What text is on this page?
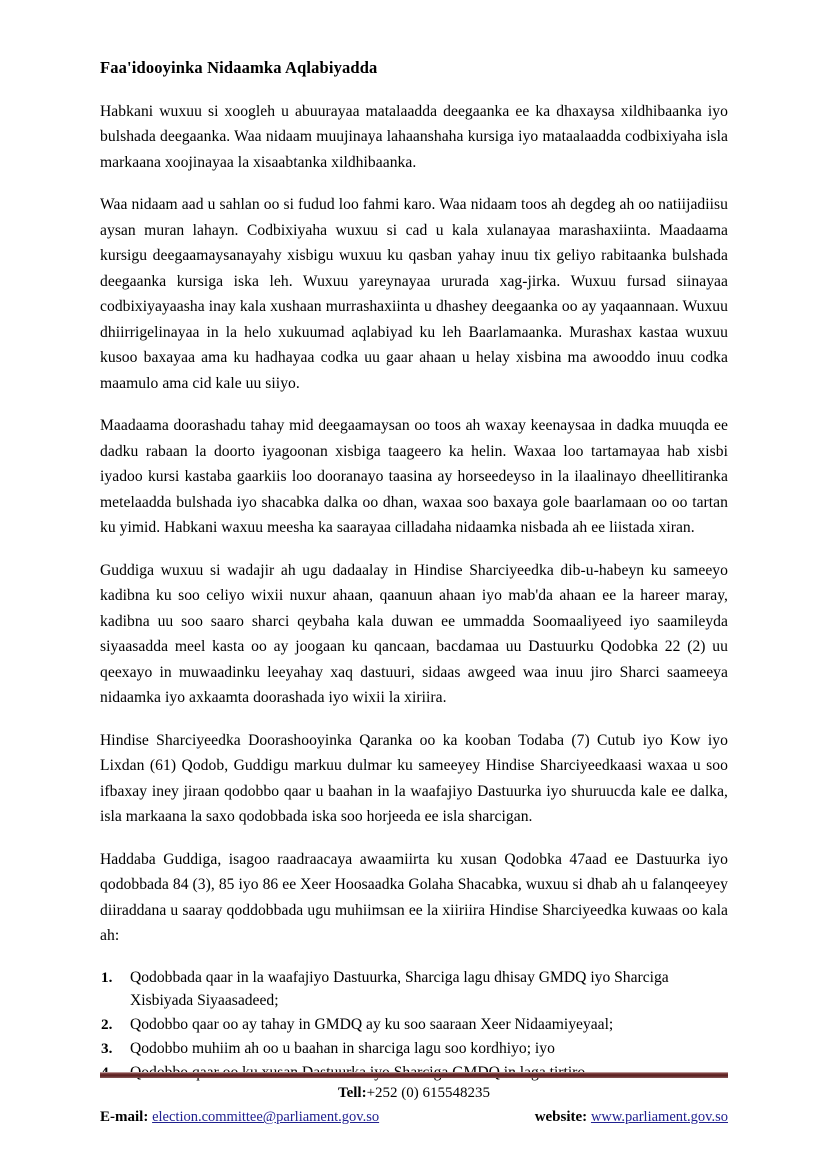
Faa'idooyinka Nidaamka Aqlabiyadda

Habkani wuxuu si xoogleh u abuurayaa matalaadda deegaanka ee ka dhaxaysa xildhibaanka iyo bulshada deegaanka. Waa nidaam muujinaya lahaanshaha kursiga iyo mataalaadda codbixiyaha isla markaana xoojinayaa la xisaabtanka xildhibaanka.

Waa nidaam aad u sahlan oo si fudud loo fahmi karo. Waa nidaam toos ah degdeg ah oo natiijadiisu aysan muran lahayn. Codbixiyaha wuxuu si cad u kala xulanayaa marashaxiinta. Maadaama kursigu deegaamaysanayahy xisbigu wuxuu ku qasban yahay inuu tix geliyo rabitaanka bulshada deegaanka kursiga iska leh. Wuxuu yareynayaa ururada xag-jirka. Wuxuu fursad siinayaa codbixiyayaasha inay kala xushaan murrashaxiinta u dhashey deegaanka oo ay yaqaannaan. Wuxuu dhiirrigelinayaa in la helo xukuumad aqlabiyad ku leh Baarlamaanka. Murashax kastaa wuxuu kusoo baxayaa ama ku hadhayaa codka uu gaar ahaan u helay xisbina ma awooddo inuu codka maamulo ama cid kale uu siiyo.

Maadaama doorashadu tahay mid deegaamaysan oo toos ah waxay keenaysaa in dadka muuqda ee dadku rabaan la doorto iyagoonan xisbiga taageero ka helin. Waxaa loo tartamayaa hab xisbi iyadoo kursi kastaba gaarkiis loo dooranayo taasina ay horseedeyso in la ilaalinayo dheellitiranka metelaadda bulshada iyo shacabka dalka oo dhan, waxaa soo baxaya gole baarlamaan oo oo tartan ku yimid. Habkani waxuu meesha ka saarayaa cilladaha nidaamka nisbada ah ee liistada xiran.

Guddiga wuxuu si wadajir ah ugu dadaalay in Hindise Sharciyeedka dib-u-habeyn ku sameeyo kadibna ku soo celiyo wixii nuxur ahaan, qaanuun ahaan iyo mab'da ahaan ee la hareer maray, kadibna uu soo saaro sharci qeybaha kala duwan ee ummadda Soomaaliyeed iyo saamileyda siyaasadda meel kasta oo ay joogaan ku qancaan, bacdamaa uu Dastuurku Qodobka 22 (2) uu qeexayo in muwaadinku leeyahay xaq dastuuri, sidaas awgeed waa inuu jiro Sharci saameeya nidaamka iyo axkaamta doorashada iyo wixii la xiriira.

Hindise Sharciyeedka Doorashooyinka Qaranka oo ka kooban Todaba (7) Cutub iyo Kow iyo Lixdan (61) Qodob, Guddigu markuu dulmar ku sameeyey Hindise Sharciyeedkaasi waxaa u soo ifbaxay iney jiraan qodobbo qaar u baahan in la waafajiyo Dastuurka iyo shuruucda kale ee dalka, isla markaana la saxo qodobbada iska soo horjeeda ee isla sharcigan.

Haddaba Guddiga, isagoo raadraacaya awaamiirta ku xusan Qodobka 47aad ee Dastuurka iyo qodobbada 84 (3), 85 iyo 86 ee Xeer Hoosaadka Golaha Shacabka, wuxuu si dhab ah u falanqeeyey diiraddana u saaray qoddobbada ugu muhiimsan ee la xiiriira Hindise Sharciyeedka kuwaas oo kala ah:

1. Qodobbada qaar in la waafajiyo Dastuurka, Sharciga lagu dhisay GMDQ iyo Sharciga Xisbiyada Siyaasadeed;
2. Qodobbo qaar oo ay tahay in GMDQ ay ku soo saaraan Xeer Nidaamiyeyaal;
3. Qodobbo muhiim ah oo u baahan in sharciga lagu soo kordhiyo; iyo
Tell:+252 (0) 615548235
E-mail: election.committee@parliament.gov.so	website: www.parliament.gov.so
